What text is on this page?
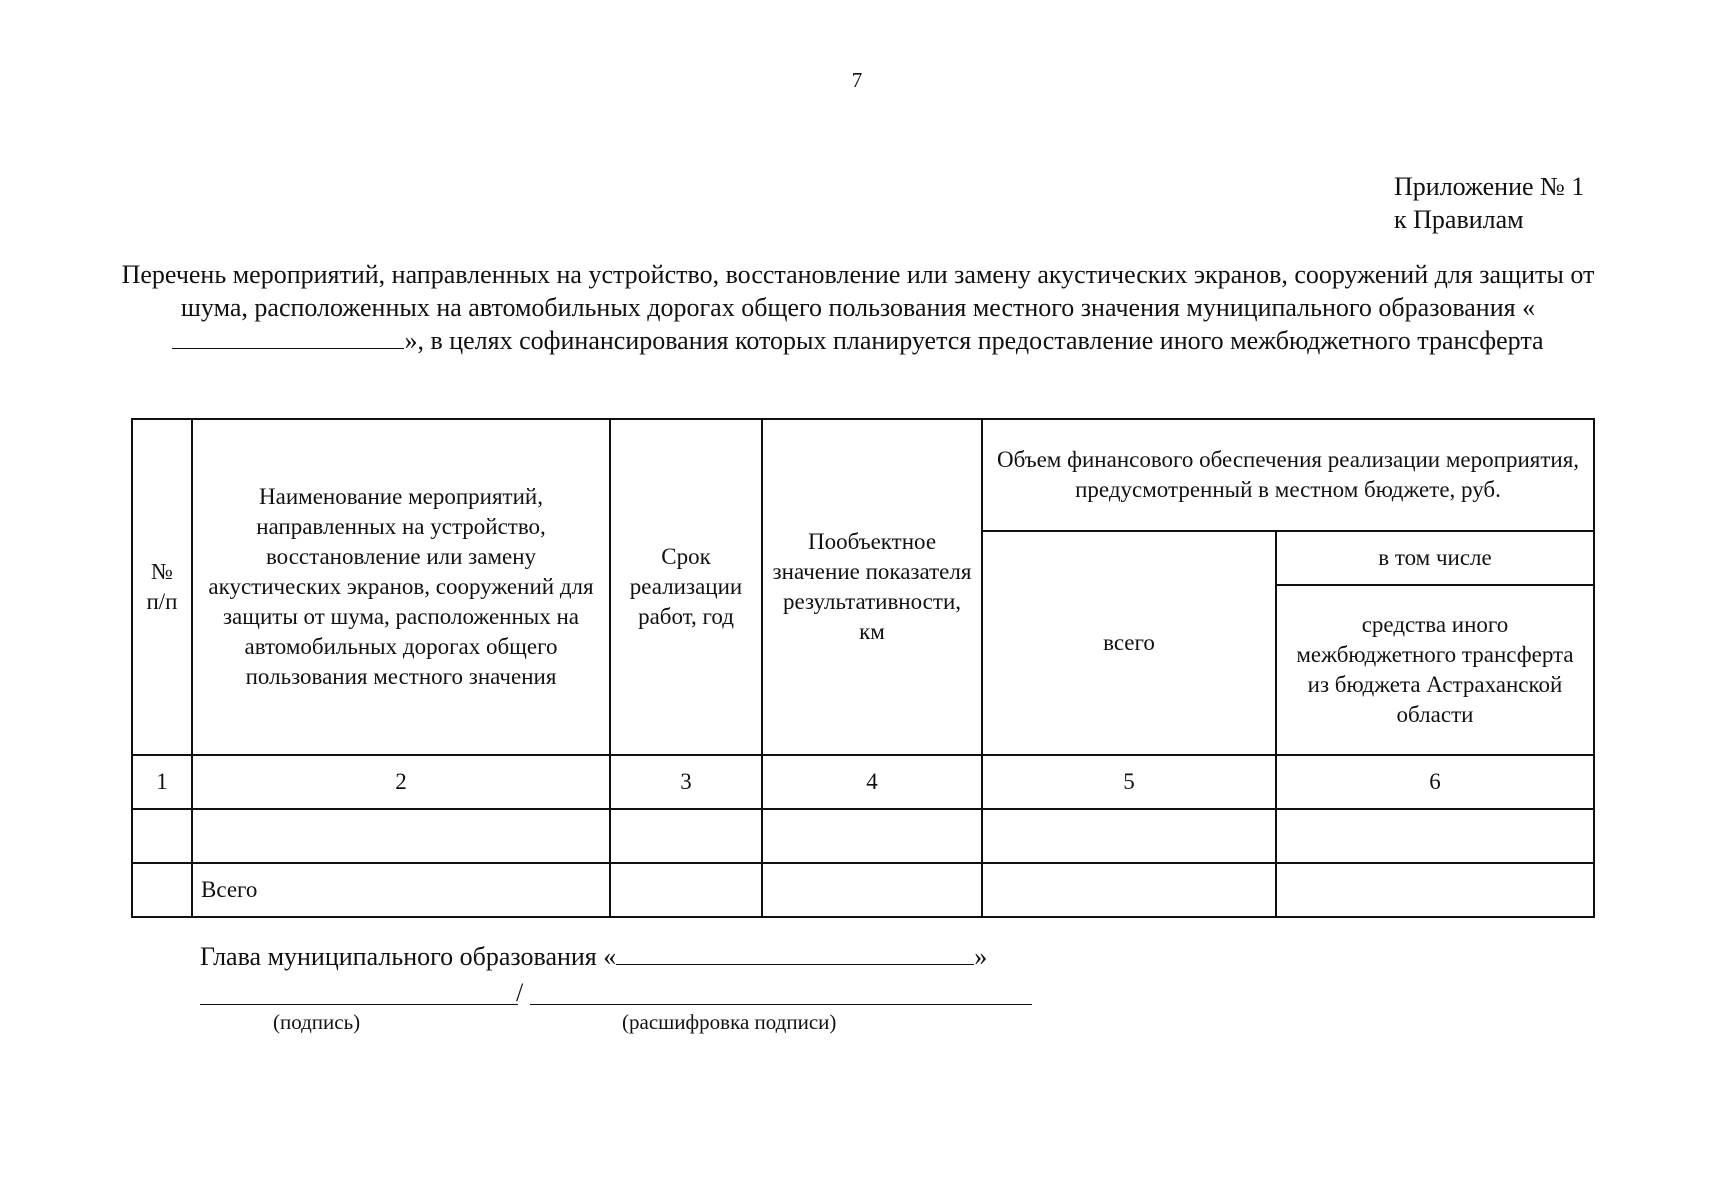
7
Приложение № 1
к Правилам
Перечень мероприятий, направленных на устройство, восстановление или замену акустических экранов, сооружений для защиты от шума, расположенных на автомобильных дорогах общего пользования местного значения муниципального образования «», в целях софинансирования которых планируется предоставление иного межбюджетного трансферта
№ п/п	Наименование мероприятий, направленных на устройство, восстановление или замену акустических экранов, сооружений для защиты от шума, расположенных на автомобильных дорогах общего пользования местного значения	Срок реализации работ, год	Пообъектное значение показателя результативности, км	Объем финансового обеспечения реализации мероприятия, предусмотренный в местном бюджете, руб.	
				всего	в том числе
					средства иного межбюджетного трансферта из бюджета Астраханской области
1	2	3	4	5	6

	Всего				
Глава муниципального образования «	»
/
(подпись)	(расшифровка подписи)
